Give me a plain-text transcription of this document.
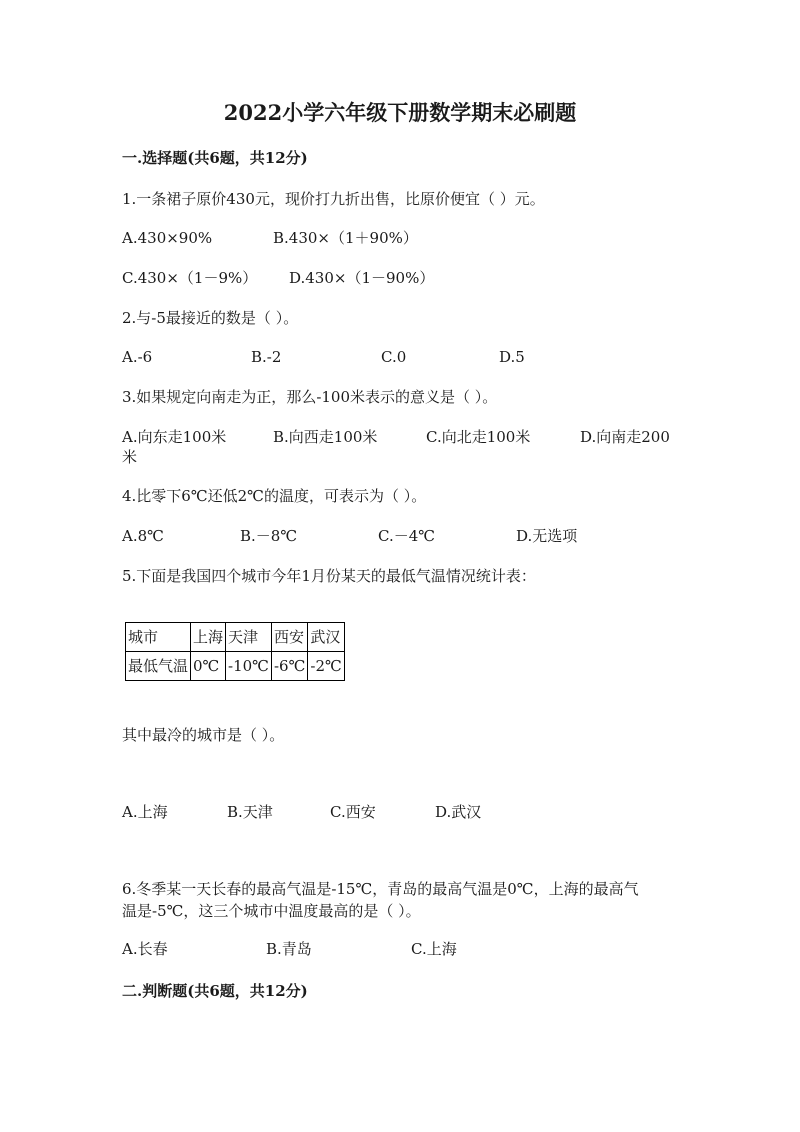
2022小学六年级下册数学期末必刷题
一.选择题(共6题，共12分)
1.一条裙子原价430元，现价打九折出售，比原价便宜（ ）元。
A.430×90%	B.430×（1＋90%）
C.430×（1－9%） D.430×（1－90%）
2.与-5最接近的数是（ ）。
A.-6	B.-2	C.0	D.5
3.如果规定向南走为正，那么-100米表示的意义是（ ）。
A.向东走100米	B.向西走100米	C.向北走100米	D.向南走200
米
4.比零下6℃还低2℃的温度，可表示为（ ）。
A.8℃	B.－8℃	C.－4℃	D.无选项
5.下面是我国四个城市今年1月份某天的最低气温情况统计表：
城市	上海	天津	西安	武汉
最低气温	0℃	-10℃	-6℃	-2℃
其中最冷的城市是（ ）。
A.上海	B.天津	C.西安	D.武汉
6.冬季某一天长春的最高气温是-15℃，青岛的最高气温是0℃，上海的最高气
温是-5℃，这三个城市中温度最高的是（ ）。
A.长春	B.青岛	C.上海
二.判断题(共6题，共12分)
